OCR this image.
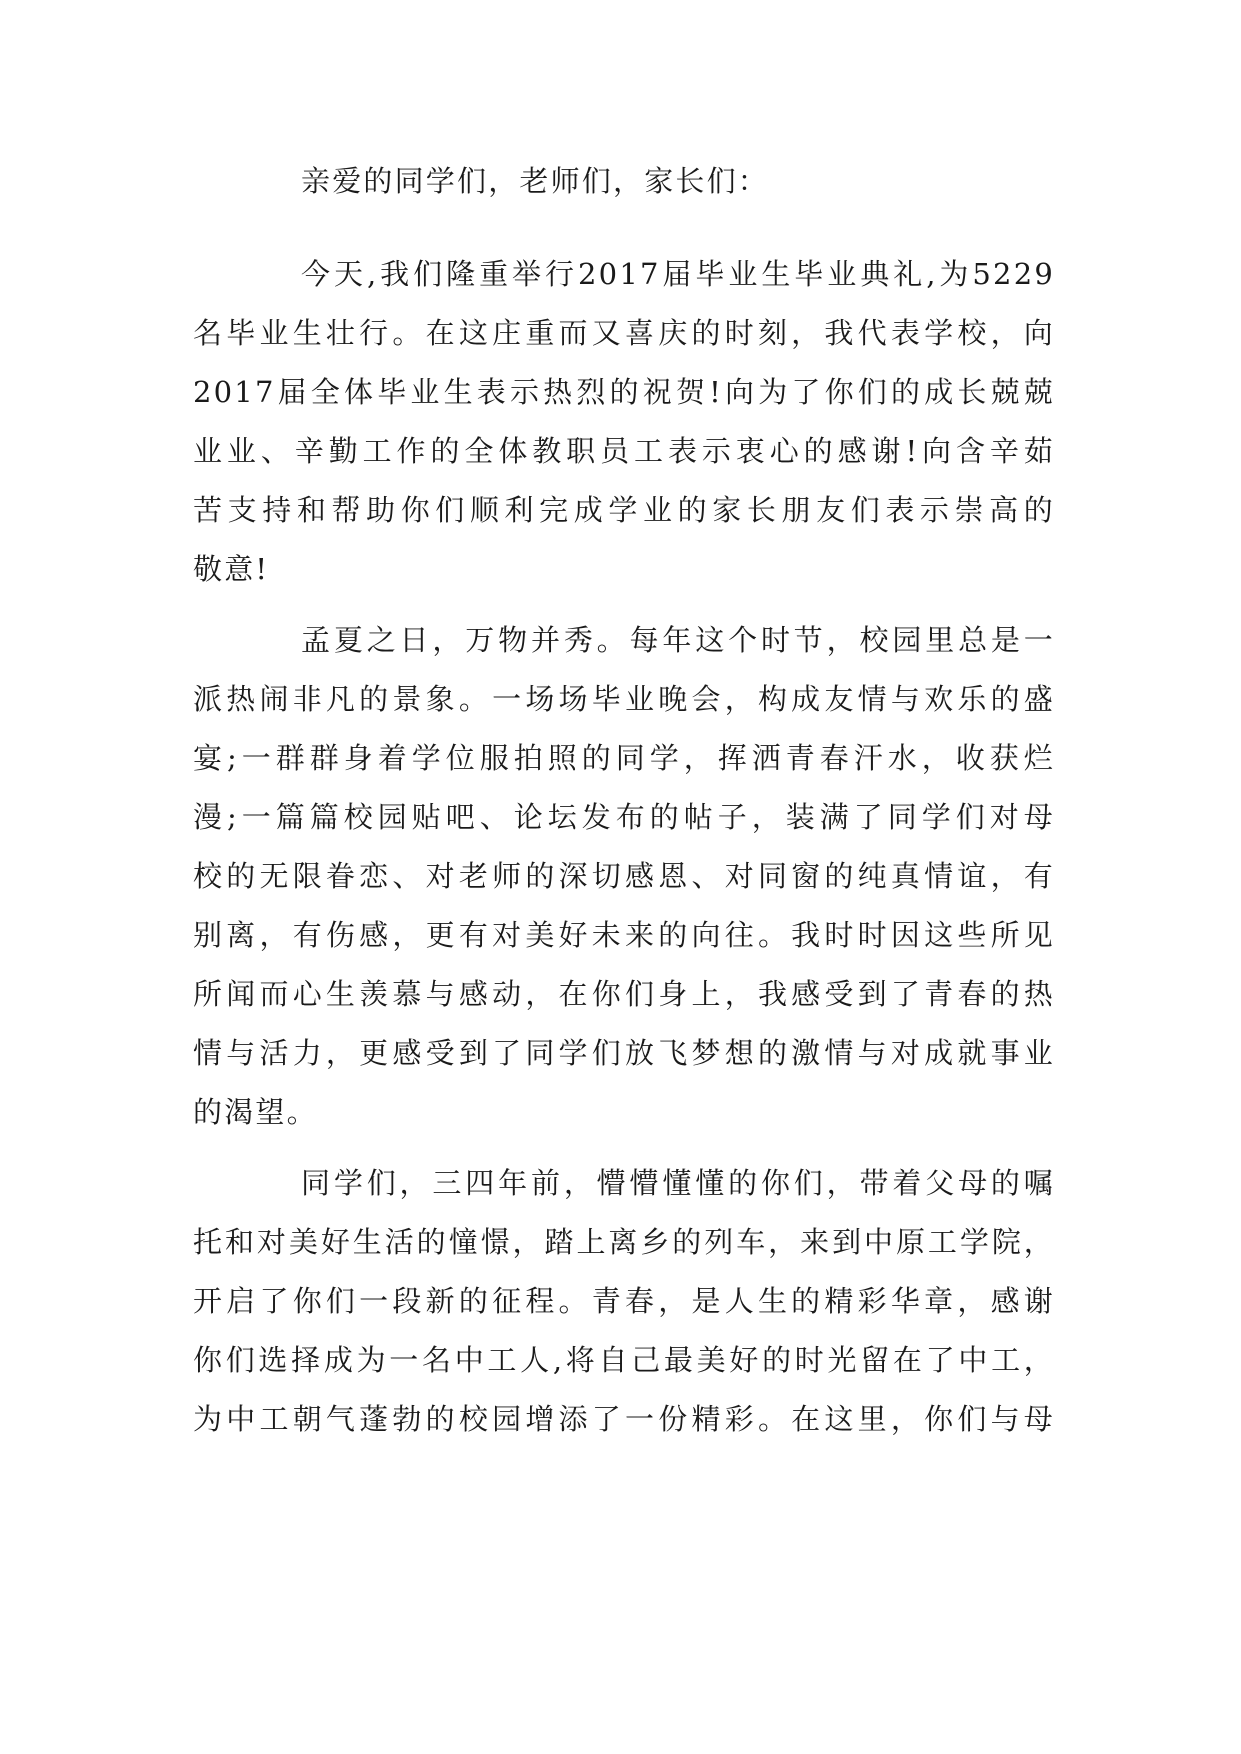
亲爱的同学们，老师们，家长们：
今天,我们隆重举行2017届毕业生毕业典礼,为5229
名毕业生壮行。在这庄重而又喜庆的时刻，我代表学校，向
2017届全体毕业生表示热烈的祝贺!向为了你们的成长兢兢
业业、辛勤工作的全体教职员工表示衷心的感谢!向含辛茹
苦支持和帮助你们顺利完成学业的家长朋友们表示崇高的
敬意!
孟夏之日，万物并秀。每年这个时节，校园里总是一
派热闹非凡的景象。一场场毕业晚会，构成友情与欢乐的盛
宴;一群群身着学位服拍照的同学，挥洒青春汗水，收获烂
漫;一篇篇校园贴吧、论坛发布的帖子，装满了同学们对母
校的无限眷恋、对老师的深切感恩、对同窗的纯真情谊，有
别离，有伤感，更有对美好未来的向往。我时时因这些所见
所闻而心生羡慕与感动，在你们身上，我感受到了青春的热
情与活力，更感受到了同学们放飞梦想的激情与对成就事业
的渴望。
同学们，三四年前，懵懵懂懂的你们，带着父母的嘱
托和对美好生活的憧憬，踏上离乡的列车，来到中原工学院，
开启了你们一段新的征程。青春，是人生的精彩华章，感谢
你们选择成为一名中工人,将自己最美好的时光留在了中工，
为中工朝气蓬勃的校园增添了一份精彩。在这里，你们与母
